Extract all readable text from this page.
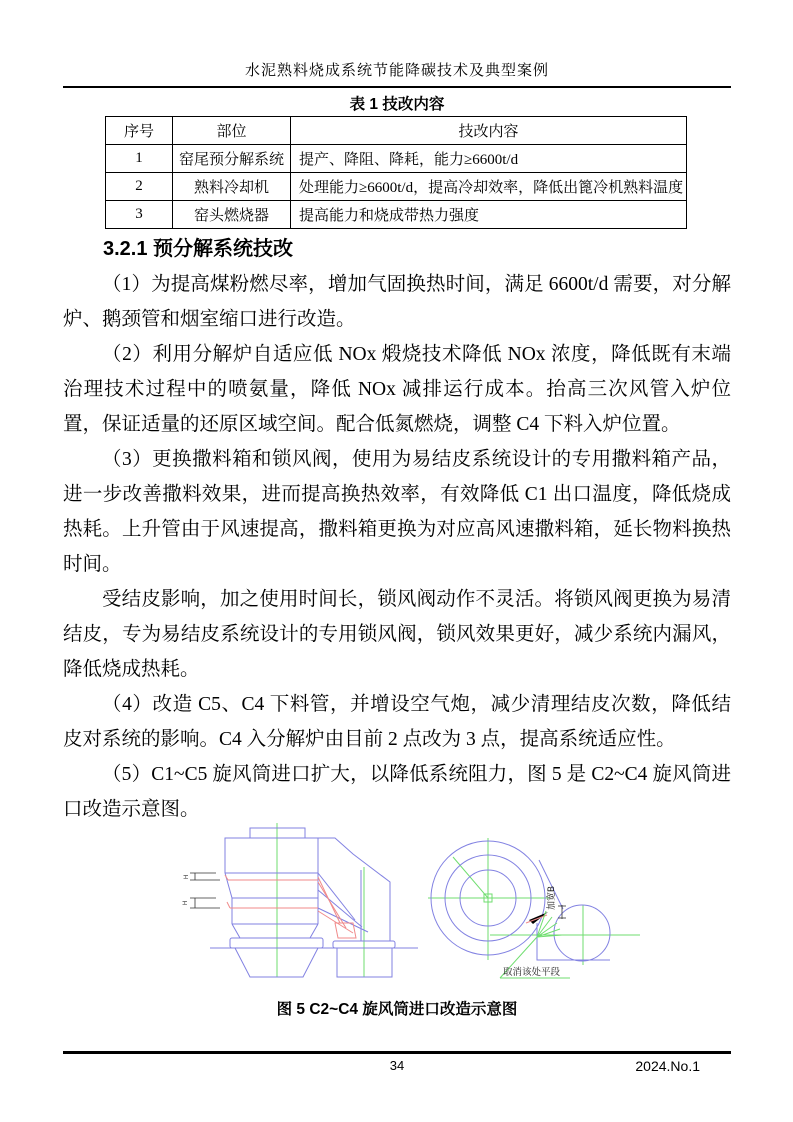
水泥熟料烧成系统节能降碳技术及典型案例
表 1 技改内容
序号	部位	技改内容
1	窑尾预分解系统	提产、降阻、降耗，能力≥6600t/d
2	熟料冷却机	处理能力≥6600t/d，提高冷却效率，降低出篦冷机熟料温度
3	窑头燃烧器	提高能力和烧成带热力强度
3.2.1 预分解系统技改

（1）为提高煤粉燃尽率，增加气固换热时间，满足 6600t/d 需要，对分解炉、鹅颈管和烟室缩口进行改造。

（2）利用分解炉自适应低 NOx 煅烧技术降低 NOx 浓度，降低既有末端治理技术过程中的喷氨量，降低 NOx 减排运行成本。抬高三次风管入炉位置，保证适量的还原区域空间。配合低氮燃烧，调整 C4 下料入炉位置。

（3）更换撒料箱和锁风阀，使用为易结皮系统设计的专用撒料箱产品，进一步改善撒料效果，进而提高换热效率，有效降低 C1 出口温度，降低烧成热耗。上升管由于风速提高，撒料箱更换为对应高风速撒料箱，延长物料换热时间。

受结皮影响，加之使用时间长，锁风阀动作不灵活。将锁风阀更换为易清结皮，专为易结皮系统设计的专用锁风阀，锁风效果更好，减少系统内漏风，降低烧成热耗。

（4）改造 C5、C4 下料管，并增设空气炮，减少清理结皮次数，降低结皮对系统的影响。C4 入分解炉由目前 2 点改为 3 点，提高系统适应性。

（5）C1~C5 旋风筒进口扩大，以降低系统阻力，图 5 是 C2~C4 旋风筒进口改造示意图。

H
H	加宽B
取消该处平段
图 5 C2~C4 旋风筒进口改造示意图
34	2024.No.1
